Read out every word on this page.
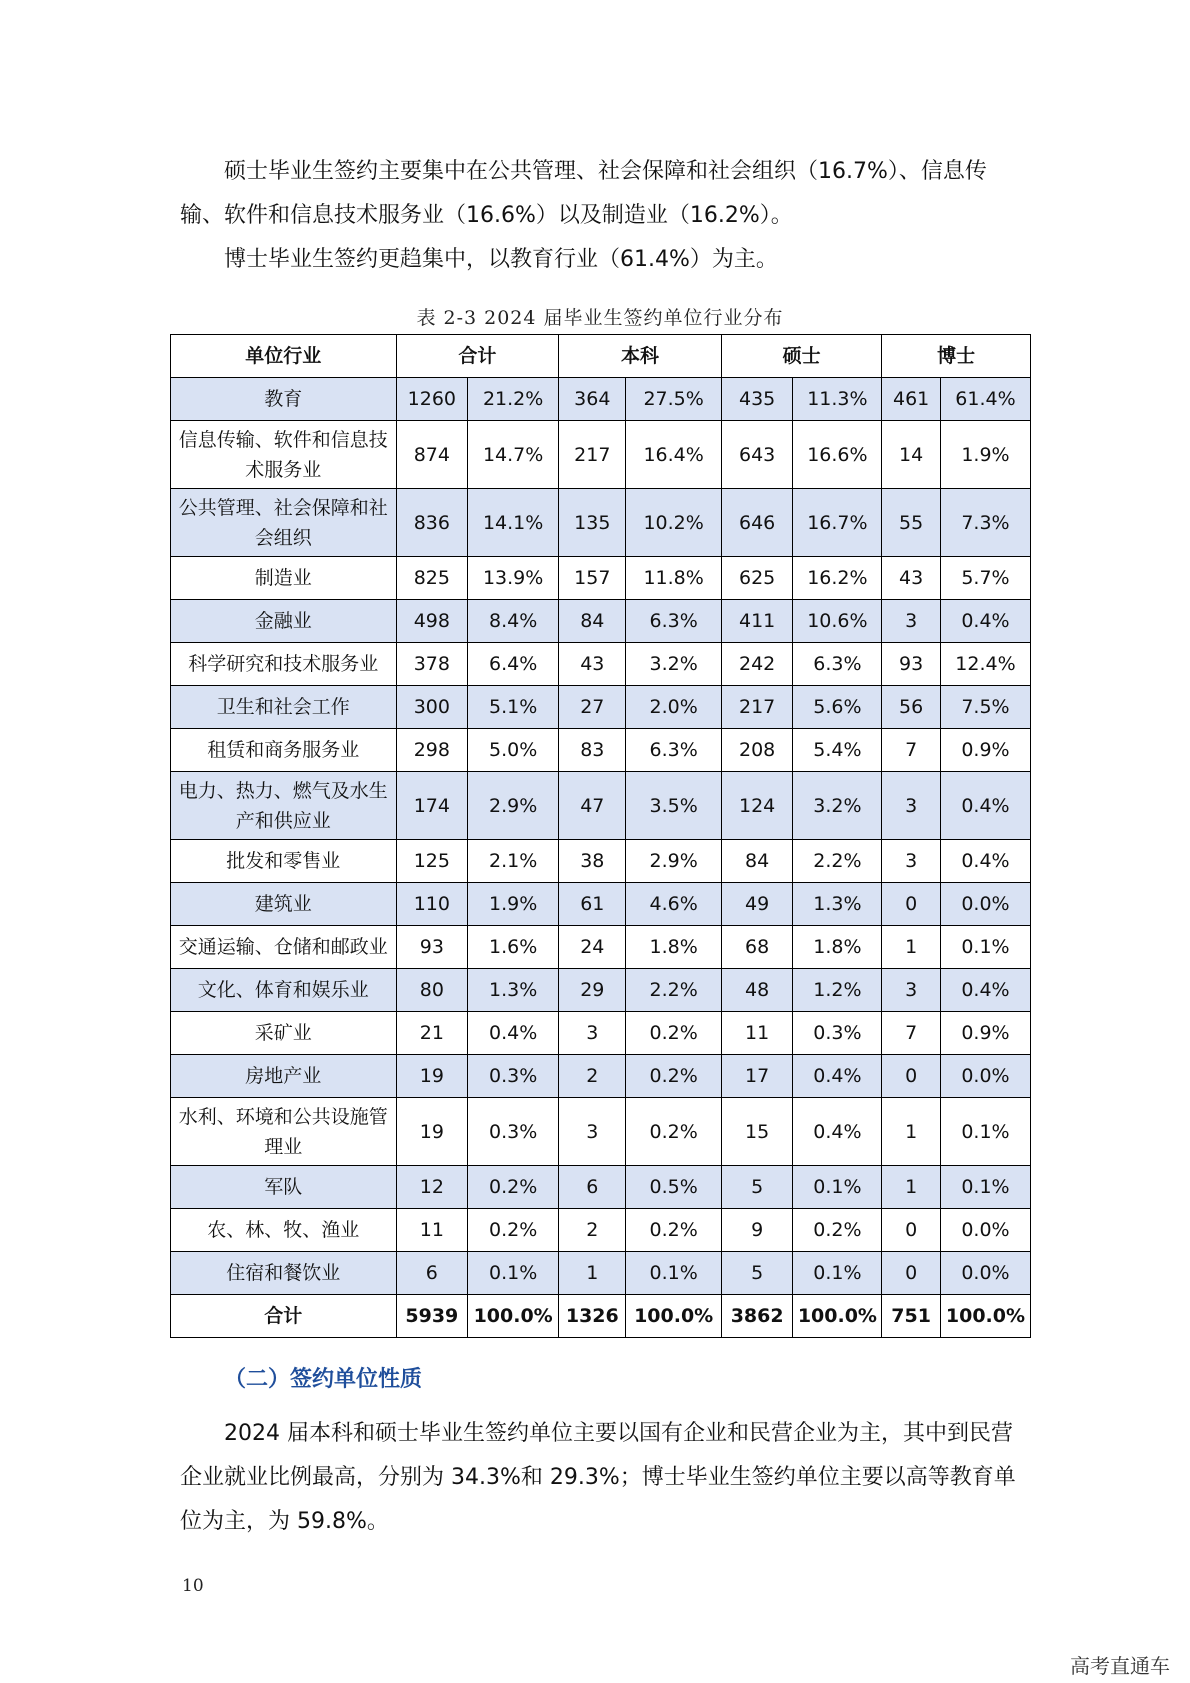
硕士毕业生签约主要集中在公共管理、社会保障和社会组织（16.7%）、信息传输、软件和信息技术服务业（16.6%）以及制造业（16.2%）。

博士毕业生签约更趋集中，以教育行业（61.4%）为主。

表 2-3 2024 届毕业生签约单位行业分布
单位行业	合计		本科		硕士		博士	
教育	1260	21.2%	364	27.5%	435	11.3%	461	61.4%
信息传输、软件和信息技术服务业	874	14.7%	217	16.4%	643	16.6%	14	1.9%
公共管理、社会保障和社会组织	836	14.1%	135	10.2%	646	16.7%	55	7.3%
制造业	825	13.9%	157	11.8%	625	16.2%	43	5.7%
金融业	498	8.4%	84	6.3%	411	10.6%	3	0.4%
科学研究和技术服务业	378	6.4%	43	3.2%	242	6.3%	93	12.4%
卫生和社会工作	300	5.1%	27	2.0%	217	5.6%	56	7.5%
租赁和商务服务业	298	5.0%	83	6.3%	208	5.4%	7	0.9%
电力、热力、燃气及水生产和供应业	174	2.9%	47	3.5%	124	3.2%	3	0.4%
批发和零售业	125	2.1%	38	2.9%	84	2.2%	3	0.4%
建筑业	110	1.9%	61	4.6%	49	1.3%	0	0.0%
交通运输、仓储和邮政业	93	1.6%	24	1.8%	68	1.8%	1	0.1%
文化、体育和娱乐业	80	1.3%	29	2.2%	48	1.2%	3	0.4%
采矿业	21	0.4%	3	0.2%	11	0.3%	7	0.9%
房地产业	19	0.3%	2	0.2%	17	0.4%	0	0.0%
水利、环境和公共设施管理业	19	0.3%	3	0.2%	15	0.4%	1	0.1%
军队	12	0.2%	6	0.5%	5	0.1%	1	0.1%
农、林、牧、渔业	11	0.2%	2	0.2%	9	0.2%	0	0.0%
住宿和餐饮业	6	0.1%	1	0.1%	5	0.1%	0	0.0%
合计	5939	100.0%	1326	100.0%	3862	100.0%	751	100.0%

（二）签约单位性质

2024 届本科和硕士毕业生签约单位主要以国有企业和民营企业为主，其中到民营企业就业比例最高，分别为 34.3%和 29.3%；博士毕业生签约单位主要以高等教育单位为主，为 59.8%。

10
高考直通车
